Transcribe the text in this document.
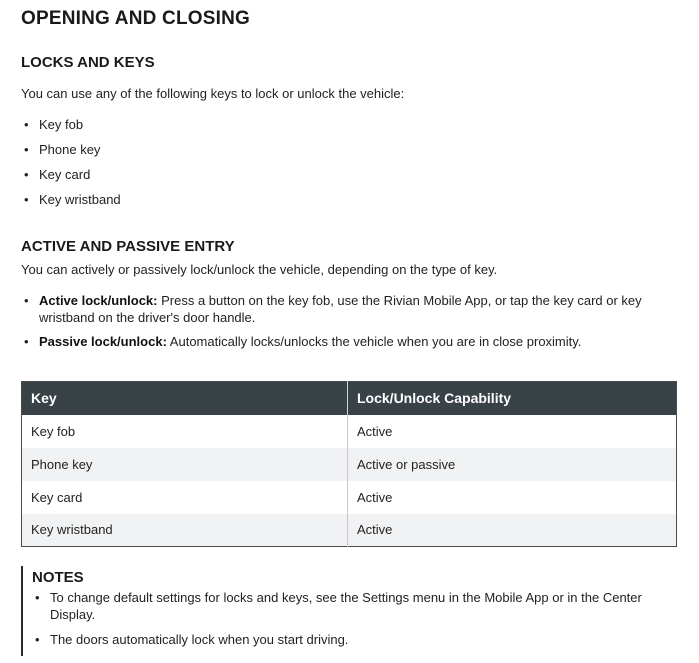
OPENING AND CLOSING
LOCKS AND KEYS
You can use any of the following keys to lock or unlock the vehicle:
• Key fob
• Phone key
• Key card
• Key wristband
ACTIVE AND PASSIVE ENTRY
You can actively or passively lock/unlock the vehicle, depending on the type of key.
• Active lock/unlock: Press a button on the key fob, use the Rivian Mobile App, or tap the key card or key wristband on the driver's door handle.
• Passive lock/unlock: Automatically locks/unlocks the vehicle when you are in close proximity.
Key	Lock/Unlock Capability
Key fob	Active
Phone key	Active or passive
Key card	Active
Key wristband	Active
NOTES
• To change default settings for locks and keys, see the Settings menu in the Mobile App or in the Center Display.
• The doors automatically lock when you start driving.
